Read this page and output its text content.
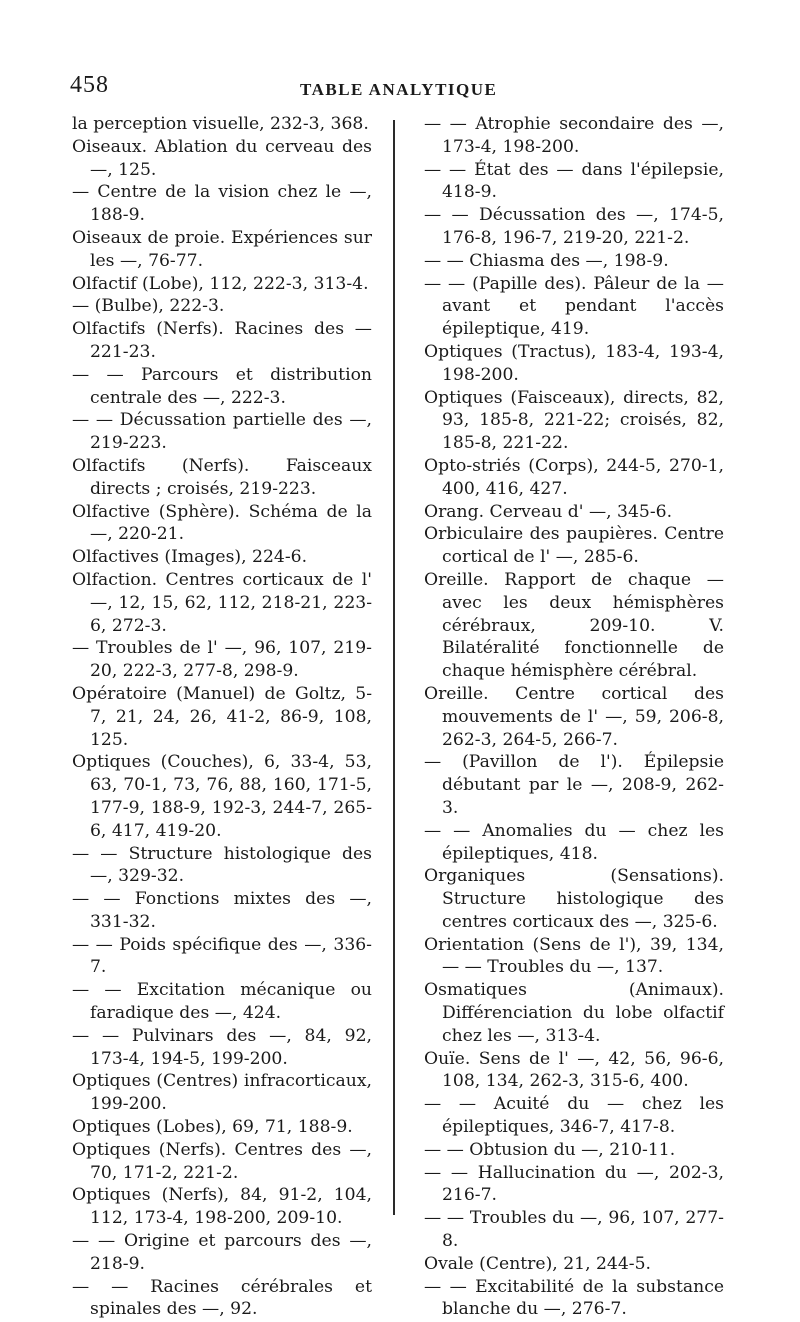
458	TABLE ANALYTIQUE

la perception visuelle, 232-3, 368.

Oiseaux. Ablation du cerveau des —, 125.

— Centre de la vision chez le —, 188-9.

Oiseaux de proie. Expériences sur les —, 76-77.

Olfactif (Lobe), 112, 222-3, 313-4.

— (Bulbe), 222-3.

Olfactifs (Nerfs). Racines des — 221-23.

— — Parcours et distribution centrale des —, 222-3.

— — Décussation partielle des —, 219-223.

Olfactifs (Nerfs). Faisceaux directs ; croisés, 219-223.

Olfactive (Sphère). Schéma de la —, 220-21.

Olfactives (Images), 224-6.

Olfaction. Centres corticaux de l' —, 12, 15, 62, 112, 218-21, 223-6, 272-3.

— Troubles de l' —, 96, 107, 219-20, 222-3, 277-8, 298-9.

Opératoire (Manuel) de Goltz, 5-7, 21, 24, 26, 41-2, 86-9, 108, 125.

Optiques (Couches), 6, 33-4, 53, 63, 70-1, 73, 76, 88, 160, 171-5, 177-9, 188-9, 192-3, 244-7, 265-6, 417, 419-20.

— — Structure histologique des —, 329-32.

— — Fonctions mixtes des —, 331-32.

— — Poids spécifique des —, 336-7.

— — Excitation mécanique ou faradique des —, 424.

— — Pulvinars des —, 84, 92, 173-4, 194-5, 199-200.

Optiques (Centres) infracorticaux, 199-200.

Optiques (Lobes), 69, 71, 188-9.

Optiques (Nerfs). Centres des —, 70, 171-2, 221-2.

Optiques (Nerfs), 84, 91-2, 104, 112, 173-4, 198-200, 209-10.

— — Origine et parcours des —, 218-9.

— — Racines cérébrales et spinales des —, 92.

— — Atrophie secondaire des —, 173-4, 198-200.

— — État des — dans l'épilepsie, 418-9.

— — Décussation des —, 174-5, 176-8, 196-7, 219-20, 221-2.

— — Chiasma des —, 198-9.

— — (Papille des). Pâleur de la — avant et pendant l'accès épileptique, 419.

Optiques (Tractus), 183-4, 193-4, 198-200.

Optiques (Faisceaux), directs, 82, 93, 185-8, 221-22; croisés, 82, 185-8, 221-22.

Opto-striés (Corps), 244-5, 270-1, 400, 416, 427.

Orang. Cerveau d' —, 345-6.

Orbiculaire des paupières. Centre cortical de l' —, 285-6.

Oreille. Rapport de chaque — avec les deux hémisphères cérébraux, 209-10. V. Bilatéralité fonctionnelle de chaque hémisphère cérébral.

Oreille. Centre cortical des mouvements de l' —, 59, 206-8, 262-3, 264-5, 266-7.

— (Pavillon de l'). Épilepsie débutant par le —, 208-9, 262-3.

— — Anomalies du — chez les épileptiques, 418.

Organiques (Sensations). Structure histologique des centres corticaux des —, 325-6.

Orientation (Sens de l'), 39, 134, — — Troubles du —, 137.

Osmatiques (Animaux). Différenciation du lobe olfactif chez les —, 313-4.

Ouïe. Sens de l' —, 42, 56, 96-6, 108, 134, 262-3, 315-6, 400.

— — Acuité du — chez les épileptiques, 346-7, 417-8.

— — Obtusion du —, 210-11.

— — Hallucination du —, 202-3, 216-7.

— — Troubles du —, 96, 107, 277-8.

Ovale (Centre), 21, 244-5.

— — Excitabilité de la substance blanche du —, 276-7.
